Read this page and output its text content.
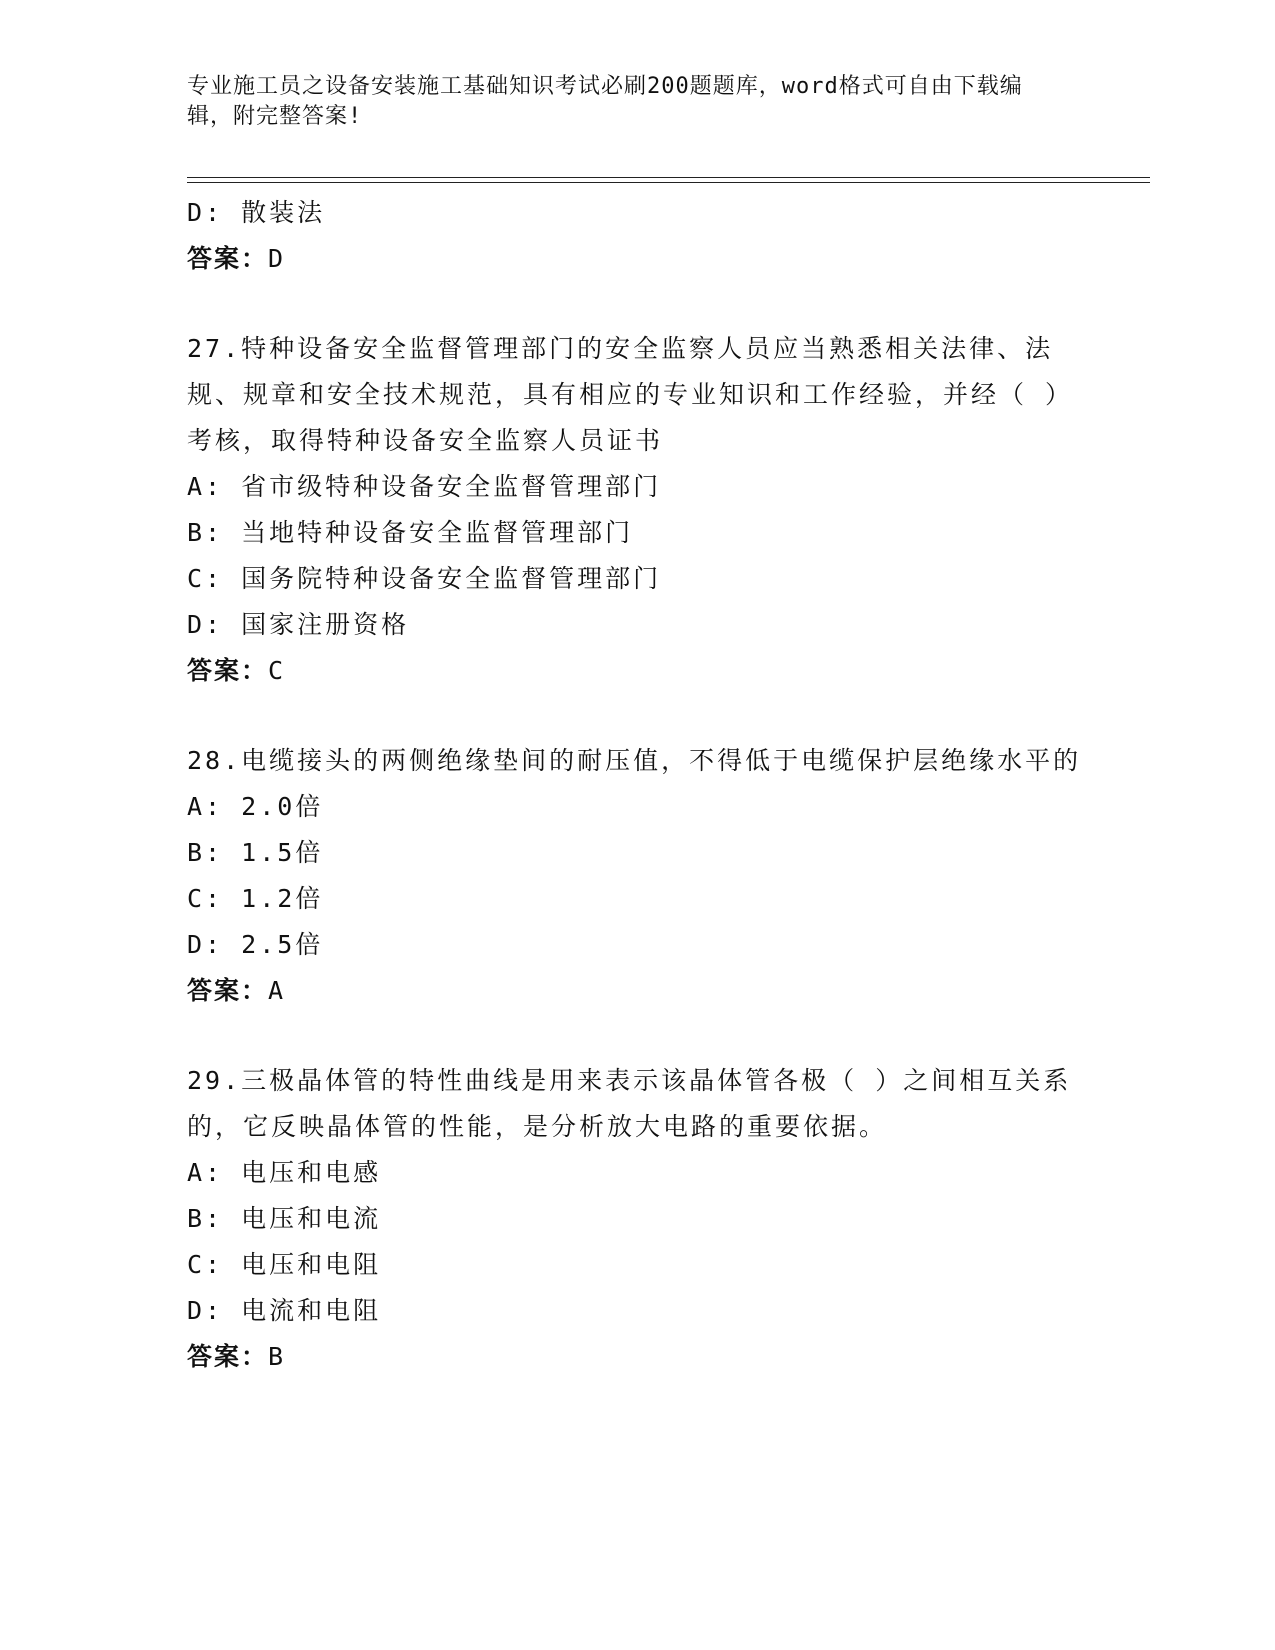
专业施工员之设备安装施工基础知识考试必刷200题题库，word格式可自由下载编辑，附完整答案!
D: 散装法
答案：D
27.特种设备安全监督管理部门的安全监察人员应当熟悉相关法律、法规、规章和安全技术规范，具有相应的专业知识和工作经验，并经（ ）考核，取得特种设备安全监察人员证书
A: 省市级特种设备安全监督管理部门
B: 当地特种设备安全监督管理部门
C: 国务院特种设备安全监督管理部门
D: 国家注册资格
答案：C
28.电缆接头的两侧绝缘垫间的耐压值，不得低于电缆保护层绝缘水平的
A: 2.0倍
B: 1.5倍
C: 1.2倍
D: 2.5倍
答案：A
29.三极晶体管的特性曲线是用来表示该晶体管各极（ ）之间相互关系的，它反映晶体管的性能，是分析放大电路的重要依据。
A: 电压和电感
B: 电压和电流
C: 电压和电阻
D: 电流和电阻
答案：B
